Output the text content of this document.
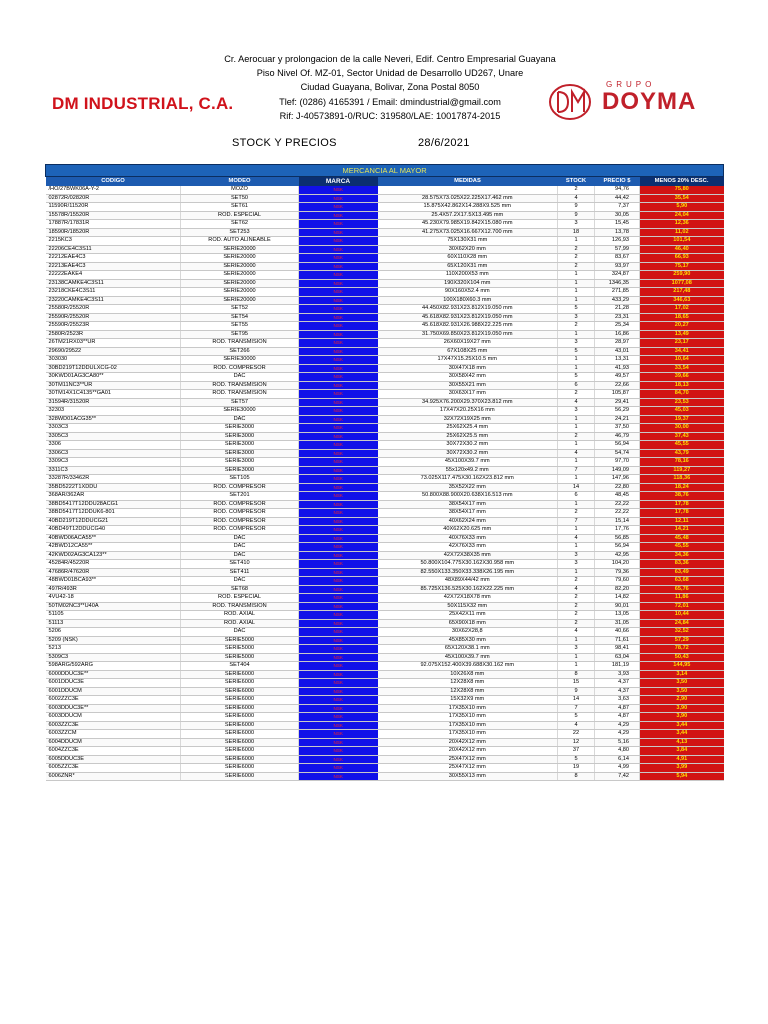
DM INDUSTRIAL, C.A.
Cr. Aerocuar y prolongacion de la calle Neveri, Edif. Centro Empresarial Guayana
Piso Nivel Of. MZ-01, Sector Unidad de Desarrollo UD267, Unare
Ciudad Guayana, Bolivar, Zona Postal 8050
Tlef: (0286) 4165391 / Email: dmindustrial@gmail.com
Rif: J-40573891-0/RUC: 319580/LAE: 10017874-2015
GRUPO
DOYMA
STOCK Y PRECIOS	28/6/2021
MERCANCIA AL MAYOR						
CODIGO	MODEO	MARCA	MEDIDAS	STOCK	PRECIO $	MENOS 20% DESC.
/HO/27BWK06A-Y-2	MOZO	NSK		2	94,76	75,80
02872R/02820R	SET50	NSK	28.575X73.025X22.225X17.462 mm	4	44,42	35,54
11590R/11520R	SET61	NSK	15.875X42.862X14.288X9.525 mm	9	7,37	5,90
15578R/15520R	ROD. ESPECIAL	NSK	25.4X57.2X17.5X13.495 mm	9	30,05	24,04
17887R/17831R	SET62	NSK	45.230X79.985X19.842X15.080 mm	3	15,45	12,36
18590R/18520R	SET253	NSK	41.275X73.025X16.667X12.700 mm	18	13,78	11,02
2215KC3	ROD. AUTO ALINEABLE	NSK	75X130X31 mm	1	126,93	101,54
22206CE4C3S11	SERIE20000	NSK	30X62X20 mm	2	57,99	46,40
22212EAE4C3	SERIE20000	NSK	60X110X28 mm	2	83,67	66,93
22213EAE4C3	SERIE20000	NSK	65X120X31 mm	2	93,97	75,17
22222EAKE4	SERIE20000	NSK	110X200X53 mm	1	324,87	259,90
23138CAMKE4C3S11	SERIE20000	NSK	190X320X104 mm	1	1346,35	1077,08
23218CKE4C3S11	SERIE20000	NSK	90X160X52.4 mm	1	271,85	217,48
23220CAMKE4C3S11	SERIE20000	NSK	100X180X60.3 mm	1	433,29	346,63
25580R/25520R	SET52	NSK	44.450X82.931X23.812X19.050 mm	5	21,28	17,02
25590R/25520R	SET54	NSK	45.618X82.931X23.812X19.050 mm	3	23,31	18,65
25590R/25523R	SET55	NSK	45.618X82.931X26.988X22.225 mm	2	25,34	20,27
2580R/2523R	SET95	NSK	31.750X69.850X23.812X19.050 mm	1	16,86	13,49
26TM21RX03**UR	ROD. TRANSMISION	NSK	26X60X19X27 mm	3	28,97	23,17
29690/29522	SET266	NSK	67X108X25 mm	5	43,01	34,41
303030	SERIE30000	NSK	17X47X15.25X10.5 mm	1	13,31	10,64
30BD219T12DDULXCG-02	ROD. COMPRESOR	NSK	30X47X18 mm	1	41,93	33,54
30KWD01AG3CA80**	DAC	NSK	30X58X42 mm	5	49,57	39,66
30TM11NC3**UR	ROD. TRANSMISION	NSK	30X55X21 mm	6	22,66	18,13
30TM14X1C4135**GA01	ROD. TRANSMISION	NSK	30X63X17 mm	2	105,87	84,70
31594R/31520R	SET57	NSK	34.925X76.200X29.370X23.812 mm	4	29,41	23,53
32303	SERIE30000	NSK	17X47X20.25X16 mm	3	56,29	45,03
328WD01ACG35**	DAC	NSK	32X72X19X25 mm	1	24,21	19,37
3303C3	SERIE3000	NSK	25X62X25.4 mm	1	37,50	30,00
3305C3	SERIE3000	NSK	25X62X25.5 mm	2	46,79	37,43
3306	SERIE3000	NSK	30X72X30.2 mm	1	56,94	45,55
3306C3	SERIE3000	NSK	30X72X30.2 mm	4	54,74	43,79
3309C3	SERIE3000	NSK	45X100X39.7 mm	1	97,70	78,16
3311C3	SERIE3000	NSK	55x120x49.2 mm	7	149,09	119,27
33287R/33462R	SET105	NSK	73.025X117.475X30.162X23.812 mm	1	147,96	118,36
35BD5222T1XDDU	ROD. COMPRESOR	NSK	35X52X22 mm	14	22,80	18,24
368AR/362AR	SET201	NSK	50.800X88.900X20.638X16.513 mm	6	48,45	38,76
38BD5417T12DDU28ACG1	ROD. COMPRESOR	NSK	38X54X17 mm	1	22,22	17,78
38BD5417T12DDUK6-801	ROD. COMPRESOR	NSK	38X54X17 mm	2	22,22	17,78
40BD219T12DDUCG21	ROD. COMPRESOR	NSK	40X62X24 mm	7	15,14	12,11
40BD49T12DDUCG40	ROD. COMPRESOR	NSK	40X62X20.625 mm	1	17,76	14,21
40BWD06ACA55**	DAC	NSK	40X76X33 mm	4	56,85	45,48
42BWD12CA55**	DAC	NSK	42X76X33 mm	1	56,94	45,55
42KWD02AG3CA123**	DAC	NSK	42X72X38X35 mm	3	42,95	34,36
45284R/45220R	SET410	NSK	50.800X104.775X30.162X30.958 mm	3	104,20	83,36
47686R/47620R	SET411	NSK	82.550X133.350X33.338X26.195 mm	1	79,36	63,49
48BWD01BCA93**	DAC	NSK	48X89X44/42 mm	2	79,60	63,68
497R/493R	SET68	NSK	85.725X136.525X30.162X22.225 mm	4	82,20	65,76
4VU42-18	ROD. ESPECIAL	NSK	42X72X18X78 mm	2	14,82	11,86
50TM02NC3**U40A	ROD. TRANSMISION	NSK	50X115X32 mm	2	90,01	72,01
51105	ROD. AXIAL	NSK	25X42X11 mm	2	13,05	10,44
51113	ROD. AXIAL	NSK	65X90X18 mm	2	31,05	24,84
5206	DAC	NSK	30X62X28,8	4	40,66	32,52
5209 (NSK)	SERIE5000	NSK	45X85X30 mm	1	71,61	57,29
5213	SERIE5000	NSK	65X120X38.1 mm	3	98,41	78,72
5309C3	SERIE5000	NSK	45X100X39.7 mm	1	63,04	50,43
598ARG/592ARG	SET404	NSK	92.075X152.400X39.688X30.162 mm	1	181,19	144,95
6000DDUC3E**	SERIE6000	NSK	10X26X8 mm	8	3,93	3,14
6001DDUC3E	SERIE6000	NSK	12X28X8 mm	15	4,37	3,50
6001DDUCM	SERIE6000	NSK	12X28X8 mm	9	4,37	3,50
6002ZZC3E	SERIE6000	NSK	15X32X9 mm	14	3,63	2,90
6003DDUC3E**	SERIE6000	NSK	17X35X10 mm	7	4,87	3,90
6003DDUCM	SERIE6000	NSK	17X35X10 mm	5	4,87	3,90
6003ZZC3E	SERIE6000	NSK	17X35X10 mm	4	4,29	3,44
6003ZZCM	SERIE6000	NSK	17X35X10 mm	22	4,29	3,44
6004DDUCM	SERIE6000	NSK	20X42X12 mm	12	5,16	4,13
6004ZZC3E	SERIE6000	NSK	20X42X12 mm	37	4,80	3,84
6005DDUC3E	SERIE6000	NSK	25X47X12 mm	5	6,14	4,91
6005ZZC3E	SERIE6000	NSK	25X47X12 mm	19	4,99	3,99
6006ZNR*	SERIE6000	NSK	30X55X13 mm	8	7,42	5,94
